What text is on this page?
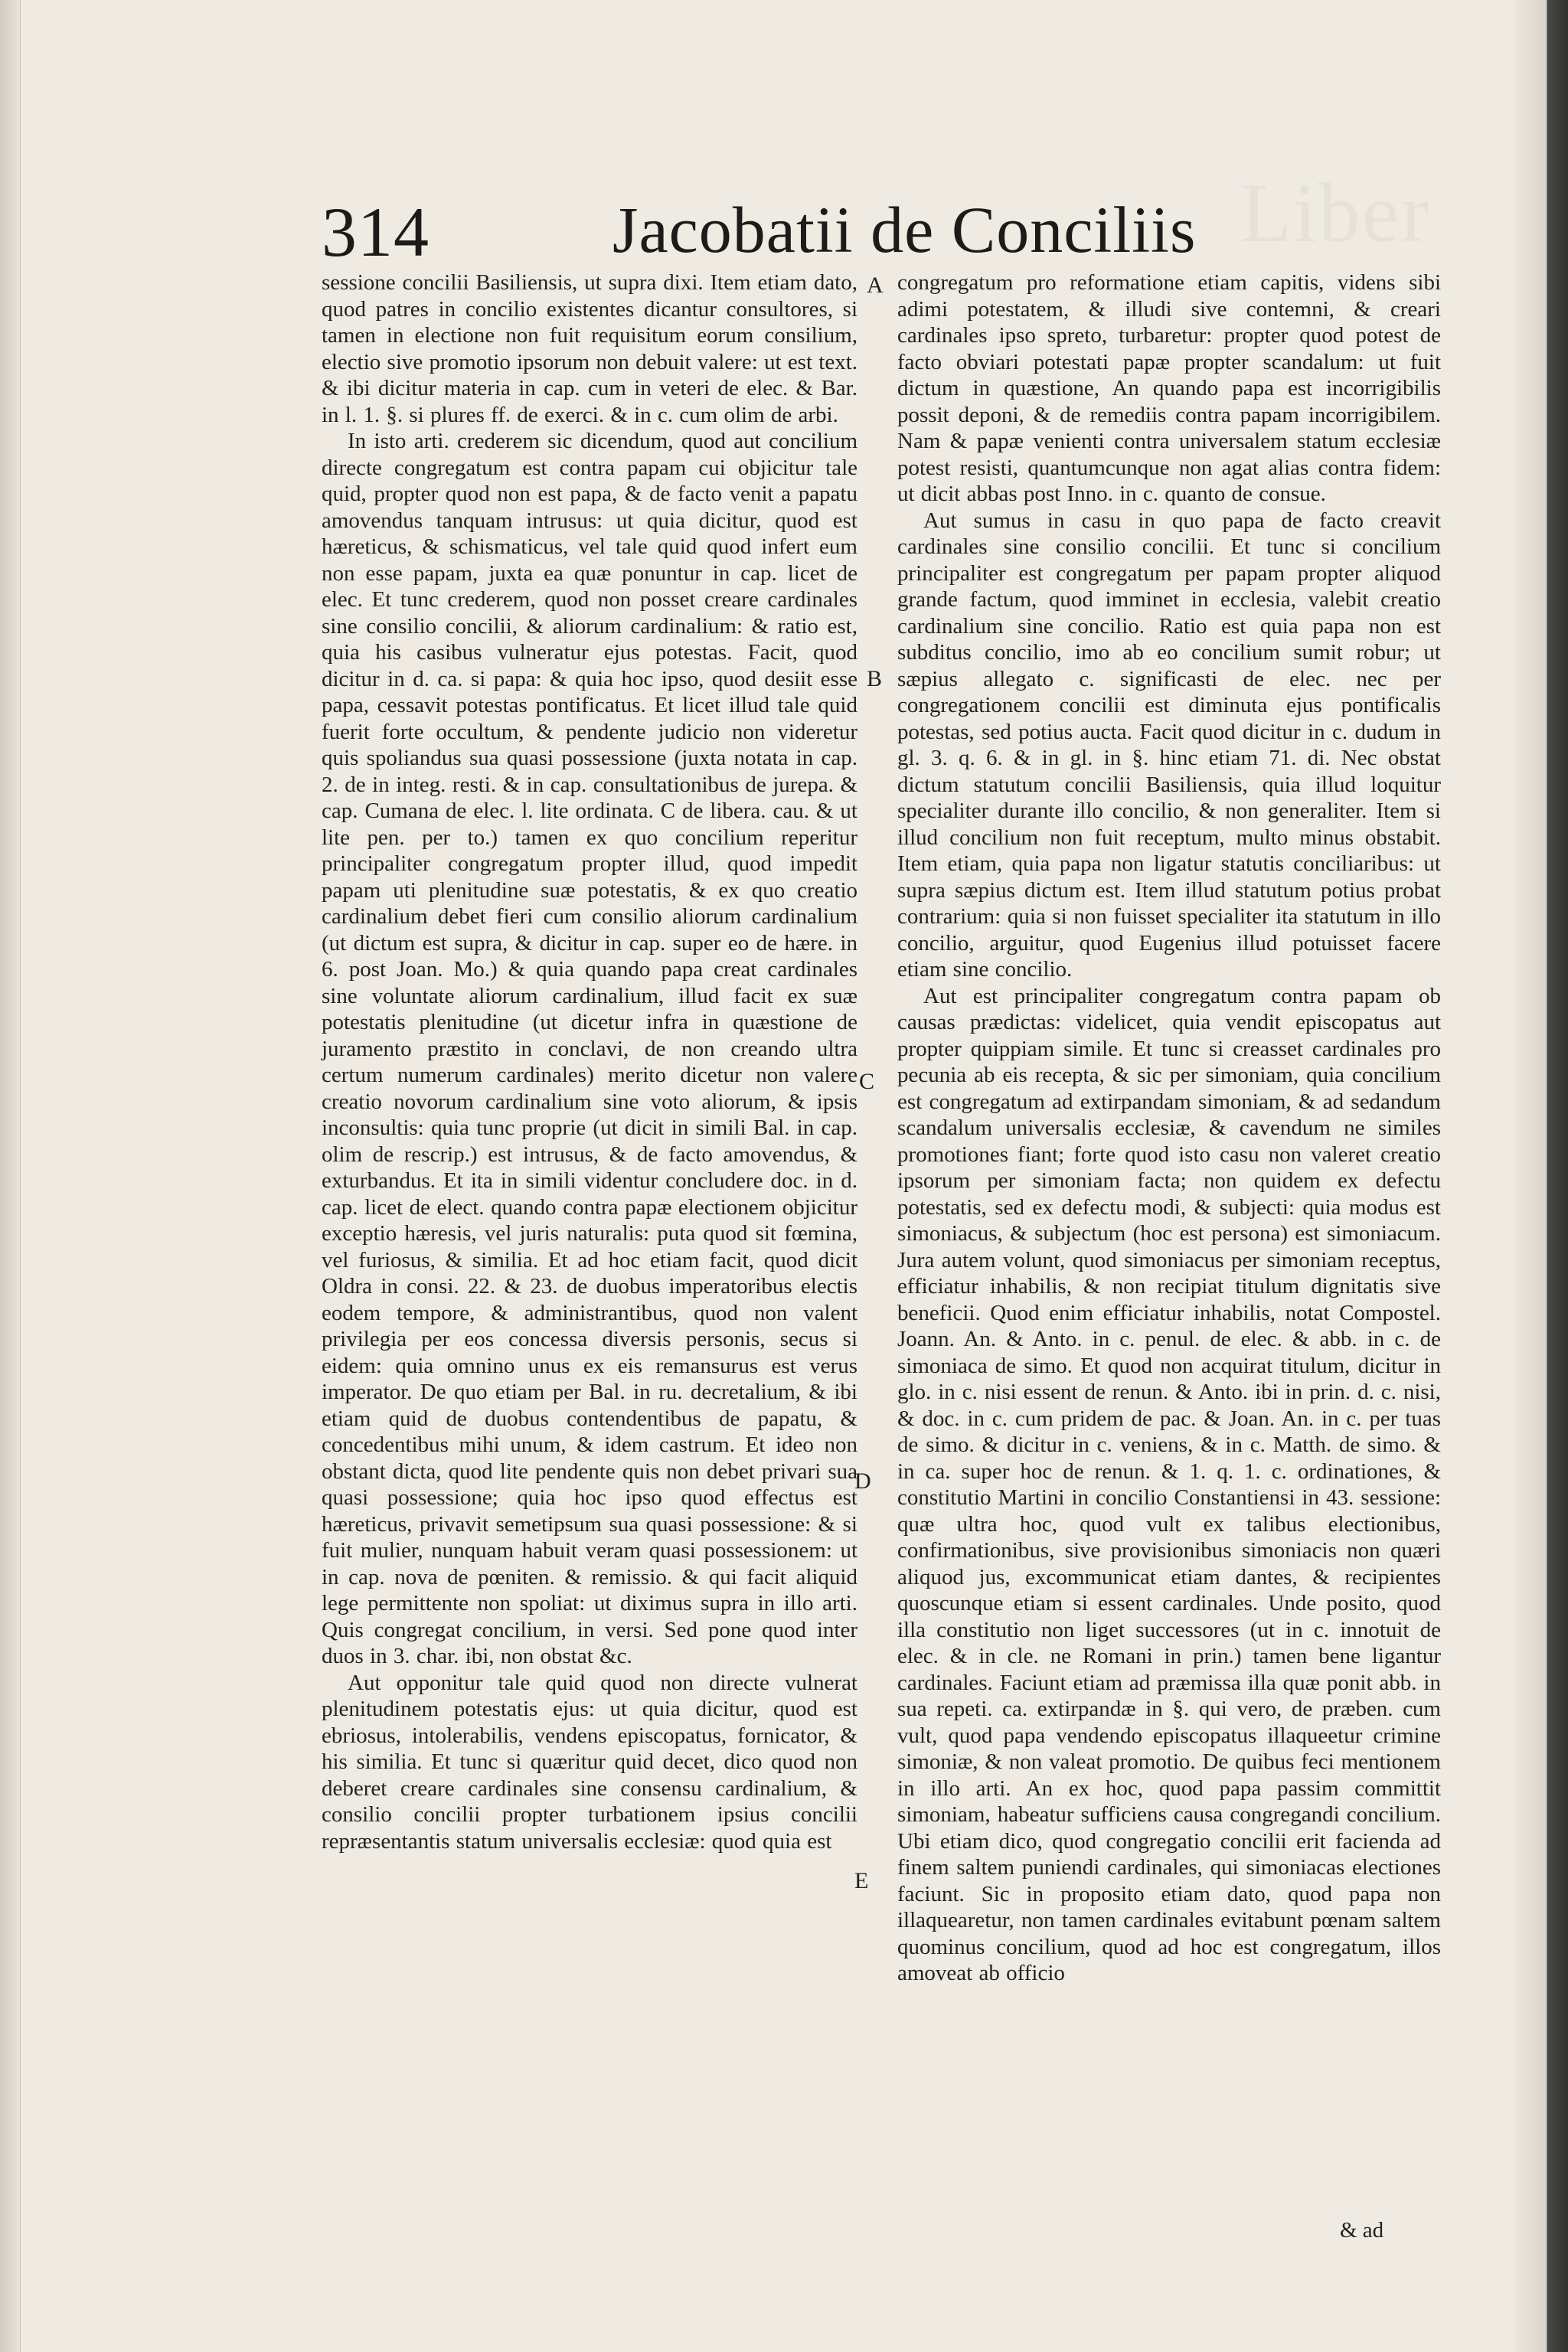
Liber
314	Jacobatii de Conciliis

sessione concilii Basiliensis, ut supra dixi. Item etiam dato, quod patres in concilio existentes dicantur consultores, si tamen in electione non fuit requisitum eorum consilium, electio sive promotio ipsorum non debuit valere: ut est text. & ibi dicitur materia in cap. cum in veteri de elec. & Bar. in l. 1. §. si plures ff. de exerci. & in c. cum olim de arbi.

In isto arti. crederem sic dicendum, quod aut concilium directe congregatum est contra papam cui objicitur tale quid, propter quod non est papa, & de facto venit a papatu amovendus tanquam intrusus: ut quia dicitur, quod est hæreticus, & schismaticus, vel tale quid quod infert eum non esse papam, juxta ea quæ ponuntur in cap. licet de elec. Et tunc crederem, quod non posset creare cardinales sine consilio concilii, & aliorum cardinalium: & ratio est, quia his casibus vulneratur ejus potestas. Facit, quod dicitur in d. ca. si papa: & quia hoc ipso, quod desiit esse papa, cessavit potestas pontificatus. Et licet illud tale quid fuerit forte occultum, & pendente judicio non videretur quis spoliandus sua quasi possessione (juxta notata in cap. 2. de in integ. resti. & in cap. consultationibus de jurepa. & cap. Cumana de elec. l. lite ordinata. C de libera. cau. & ut lite pen. per to.) tamen ex quo concilium reperitur principaliter congregatum propter illud, quod impedit papam uti plenitudine suæ potestatis, & ex quo creatio cardinalium debet fieri cum consilio aliorum cardinalium (ut dictum est supra, & dicitur in cap. super eo de hære. in 6. post Joan. Mo.) & quia quando papa creat cardinales sine voluntate aliorum cardinalium, illud facit ex suæ potestatis plenitudine (ut dicetur infra in quæstione de juramento præstito in conclavi, de non creando ultra certum numerum cardinales) merito dicetur non valere creatio novorum cardinalium sine voto aliorum, & ipsis inconsultis: quia tunc proprie (ut dicit in simili Bal. in cap. olim de rescrip.) est intrusus, & de facto amovendus, & exturbandus. Et ita in simili videntur concludere doc. in d. cap. licet de elect. quando contra papæ electionem objicitur exceptio hæresis, vel juris naturalis: puta quod sit fœmina, vel furiosus, & similia. Et ad hoc etiam facit, quod dicit Oldra in consi. 22. & 23. de duobus imperatoribus electis eodem tempore, & administrantibus, quod non valent privilegia per eos concessa diversis personis, secus si eidem: quia omnino unus ex eis remansurus est verus imperator. De quo etiam per Bal. in ru. decretalium, & ibi etiam quid de duobus contendentibus de papatu, & concedentibus mihi unum, & idem castrum. Et ideo non obstant dicta, quod lite pendente quis non debet privari sua quasi possessione; quia hoc ipso quod effectus est hæreticus, privavit semetipsum sua quasi possessione: & si fuit mulier, nunquam habuit veram quasi possessionem: ut in cap. nova de pœniten. & remissio. & qui facit aliquid lege permittente non spoliat: ut diximus supra in illo arti. Quis congregat concilium, in versi. Sed pone quod inter duos in 3. char. ibi, non obstat &c.

Aut opponitur tale quid quod non directe vulnerat plenitudinem potestatis ejus: ut quia dicitur, quod est ebriosus, intolerabilis, vendens episcopatus, fornicator, & his similia. Et tunc si quæritur quid decet, dico quod non deberet creare cardinales sine consensu cardinalium, & consilio concilii propter turbationem ipsius concilii repræsentantis statum universalis ecclesiæ: quod quia est

congregatum pro reformatione etiam capitis, videns sibi adimi potestatem, & illudi sive contemni, & creari cardinales ipso spreto, turbaretur: propter quod potest de facto obviari potestati papæ propter scandalum: ut fuit dictum in quæstione, An quando papa est incorrigibilis possit deponi, & de remediis contra papam incorrigibilem. Nam & papæ venienti contra universalem statum ecclesiæ potest resisti, quantumcunque non agat alias contra fidem: ut dicit abbas post Inno. in c. quanto de consue.

Aut sumus in casu in quo papa de facto creavit cardinales sine consilio concilii. Et tunc si concilium principaliter est congregatum per papam propter aliquod grande factum, quod imminet in ecclesia, valebit creatio cardinalium sine concilio. Ratio est quia papa non est subditus concilio, imo ab eo concilium sumit robur; ut sæpius allegato c. significasti de elec. nec per congregationem concilii est diminuta ejus pontificalis potestas, sed potius aucta. Facit quod dicitur in c. dudum in gl. 3. q. 6. & in gl. in §. hinc etiam 71. di. Nec obstat dictum statutum concilii Basiliensis, quia illud loquitur specialiter durante illo concilio, & non generaliter. Item si illud concilium non fuit receptum, multo minus obstabit. Item etiam, quia papa non ligatur statutis conciliaribus: ut supra sæpius dictum est. Item illud statutum potius probat contrarium: quia si non fuisset specialiter ita statutum in illo concilio, arguitur, quod Eugenius illud potuisset facere etiam sine concilio.

Aut est principaliter congregatum contra papam ob causas prædictas: videlicet, quia vendit episcopatus aut propter quippiam simile. Et tunc si creasset cardinales pro pecunia ab eis recepta, & sic per simoniam, quia concilium est congregatum ad extirpandam simoniam, & ad sedandum scandalum universalis ecclesiæ, & cavendum ne similes promotiones fiant; forte quod isto casu non valeret creatio ipsorum per simoniam facta; non quidem ex defectu potestatis, sed ex defectu modi, & subjecti: quia modus est simoniacus, & subjectum (hoc est persona) est simoniacum. Jura autem volunt, quod simoniacus per simoniam receptus, efficiatur inhabilis, & non recipiat titulum dignitatis sive beneficii. Quod enim efficiatur inhabilis, notat Compostel. Joann. An. & Anto. in c. penul. de elec. & abb. in c. de simoniaca de simo. Et quod non acquirat titulum, dicitur in glo. in c. nisi essent de renun. & Anto. ibi in prin. d. c. nisi, & doc. in c. cum pridem de pac. & Joan. An. in c. per tuas de simo. & dicitur in c. veniens, & in c. Matth. de simo. & in ca. super hoc de renun. & 1. q. 1. c. ordinationes, & constitutio Martini in concilio Constantiensi in 43. sessione: quæ ultra hoc, quod vult ex talibus electionibus, confirmationibus, sive provisionibus simoniacis non quæri aliquod jus, excommunicat etiam dantes, & recipientes quoscunque etiam si essent cardinales. Unde posito, quod illa constitutio non liget successores (ut in c. innotuit de elec. & in cle. ne Romani in prin.) tamen bene ligantur cardinales. Faciunt etiam ad præmissa illa quæ ponit abb. in sua repeti. ca. extirpandæ in §. qui vero, de præben. cum vult, quod papa vendendo episcopatus illaqueetur crimine simoniæ, & non valeat promotio. De quibus feci mentionem in illo arti. An ex hoc, quod papa passim committit simoniam, habeatur sufficiens causa congregandi concilium. Ubi etiam dico, quod congregatio concilii erit facienda ad finem saltem puniendi cardinales, qui simoniacas electiones faciunt. Sic in proposito etiam dato, quod papa non illaquearetur, non tamen cardinales evitabunt pœnam saltem quominus concilium, quod ad hoc est congregatum, illos amoveat ab officio

A
B
C
D
E
& ad
